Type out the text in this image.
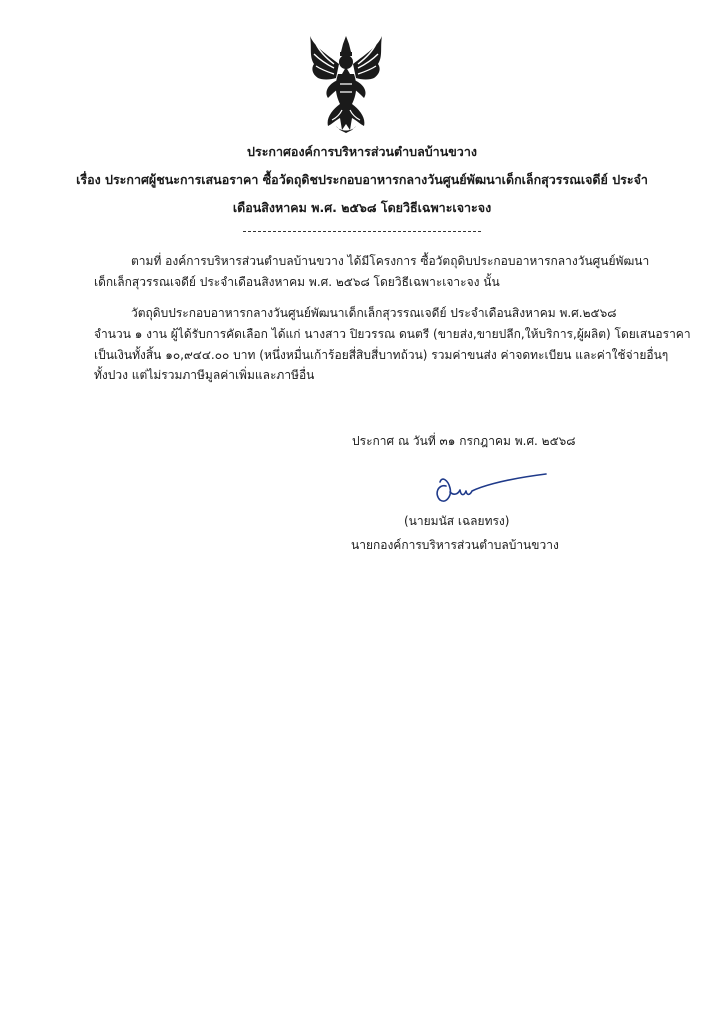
ประกาศองค์การบริหารส่วนตำบลบ้านขวาง
เรื่อง ประกาศผู้ชนะการเสนอราคา ซื้อวัดถุดิชประกอบอาหารกลางวันศูนย์พัฒนาเด็กเล็กสุวรรณเจดีย์ ประจำ
เดือนสิงหาคม พ.ศ. ๒๕๖๘ โดยวิธีเฉพาะเจาะจง
ตามที่ องค์การบริหารส่วนตำบลบ้านขวาง ได้มีโครงการ ซื้อวัตถุดิบประกอบอาหารกลางวันศูนย์พัฒนา
เด็กเล็กสุวรรณเจดีย์ ประจำเดือนสิงหาคม พ.ศ. ๒๕๖๘ โดยวิธีเฉพาะเจาะจง นั้น
วัตถุดิบประกอบอาหารกลางวันศูนย์พัฒนาเด็กเล็กสุวรรณเจดีย์ ประจำเดือนสิงหาคม พ.ศ.๒๕๖๘
จำนวน ๑ งาน ผู้ได้รับการคัดเลือก ได้แก่ นางสาว ปิยวรรณ ดนตรี (ขายส่ง,ขายปลีก,ให้บริการ,ผู้ผลิต) โดยเสนอราคา
เป็นเงินทั้งสิ้น ๑๐,๙๔๔.๐๐ บาท (หนึ่งหมื่นเก้าร้อยสี่สิบสี่บาทถ้วน) รวมค่าขนส่ง ค่าจดทะเบียน และค่าใช้จ่ายอื่นๆ
ทั้งปวง แต่ไม่รวมภาษีมูลค่าเพิ่มและภาษีอื่น
ประกาศ ณ วันที่ ๓๑ กรกฎาคม พ.ศ. ๒๕๖๘
(นายมนัส เฉลยทรง)
นายกองค์การบริหารส่วนตำบลบ้านขวาง
